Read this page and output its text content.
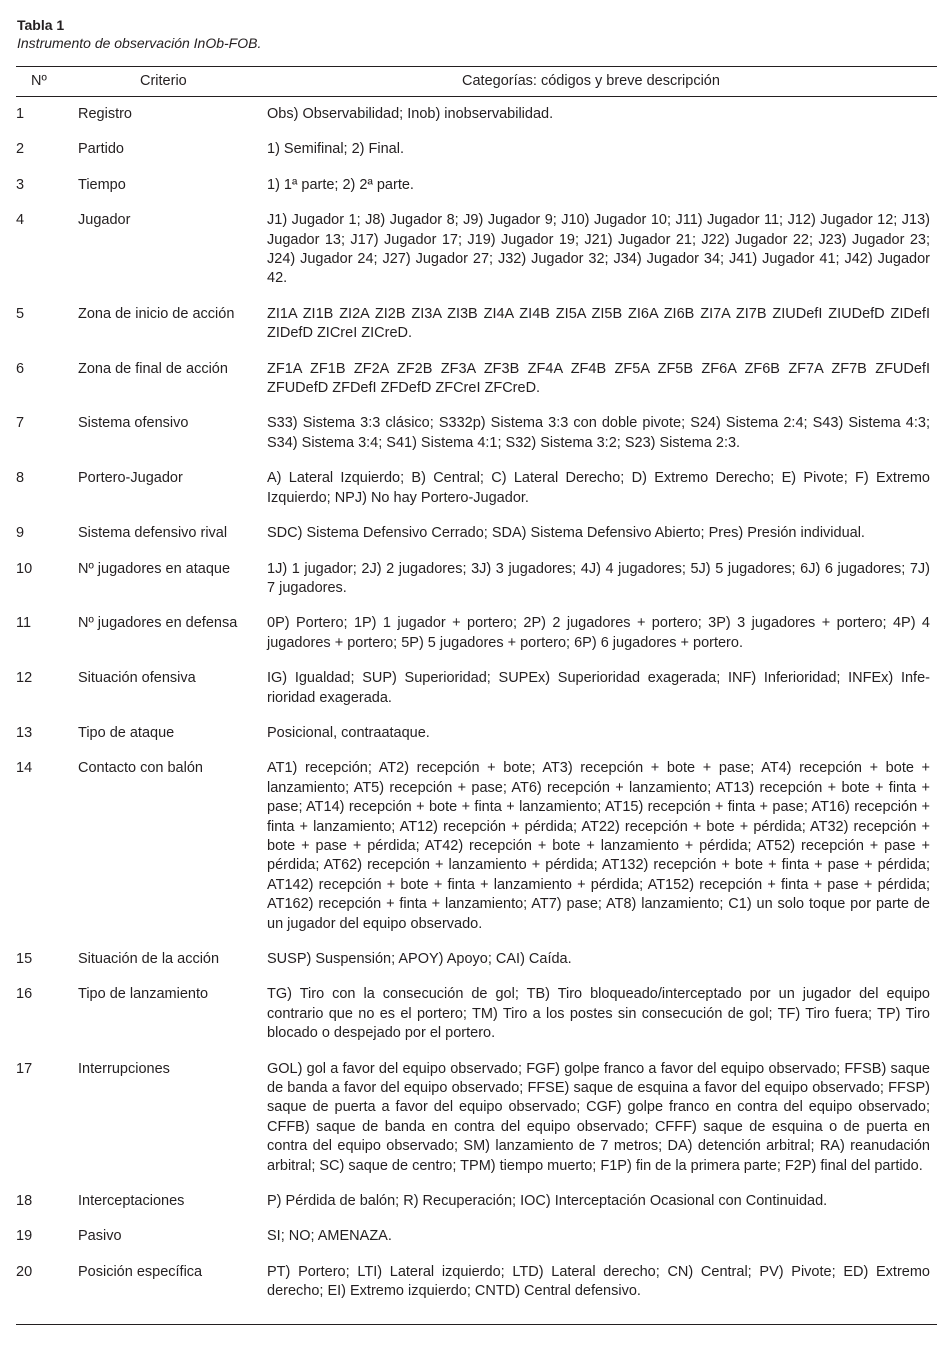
Tabla 1
Instrumento de observación InOb-FOB.
Nº	Criterio	Categorías: códigos y breve descripción
1	Registro	Obs) Observabilidad; Inob) inobservabilidad.
2	Partido	1) Semifinal; 2) Final.
3	Tiempo	1) 1ª parte; 2) 2ª parte.
4	Jugador	J1) Jugador 1; J8) Jugador 8; J9) Jugador 9; J10) Jugador 10; J11) Jugador 11; J12) Jugador 12; J13) Jugador 13; J17) Jugador 17; J19) Jugador 19; J21) Jugador 21; J22) Jugador 22; J23) Jugador 23; J24) Jugador 24; J27) Jugador 27; J32) Jugador 32; J34) Jugador 34; J41) Jugador 41; J42) Jugador 42.
5	Zona de inicio de acción	ZI1A ZI1B ZI2A ZI2B ZI3A ZI3B ZI4A ZI4B ZI5A ZI5B ZI6A ZI6B ZI7A ZI7B ZIUDefI ZIUDefD ZIDefI ZIDefD ZICreI ZICreD.
6	Zona de final de acción	ZF1A ZF1B ZF2A ZF2B ZF3A ZF3B ZF4A ZF4B ZF5A ZF5B ZF6A ZF6B ZF7A ZF7B ZFUDefI ZFUDefD ZFDefI ZFDefD ZFCreI ZFCreD.
7	Sistema ofensivo	S33) Sistema 3:3 clásico; S332p) Sistema 3:3 con doble pivote; S24) Sistema 2:4; S43) Sistema 4:3; S34) Sistema 3:4; S41) Sistema 4:1; S32) Sistema 3:2; S23) Sistema 2:3.
8	Portero-Jugador	A) Lateral Izquierdo; B) Central; C) Lateral Derecho; D) Extremo Derecho; E) Pivote; F) Extremo Izquierdo; NPJ) No hay Portero-Jugador.
9	Sistema defensivo rival	SDC) Sistema Defensivo Cerrado; SDA) Sistema Defensivo Abierto; Pres) Presión individual.
10	Nº jugadores en ataque	1J) 1 jugador; 2J) 2 jugadores; 3J) 3 jugadores; 4J) 4 jugadores; 5J) 5 jugadores; 6J) 6 jugadores; 7J) 7 jugadores.
11	Nº jugadores en defensa	0P) Portero; 1P) 1 jugador + portero; 2P) 2 jugadores + portero; 3P) 3 jugadores + portero; 4P) 4 jugadores + portero; 5P) 5 jugadores + portero; 6P) 6 jugadores + portero.
12	Situación ofensiva	IG) Igualdad; SUP) Superioridad; SUPEx) Superioridad exagerada; INF) Inferioridad; INFEx) Inferioridad exagerada.
13	Tipo de ataque	Posicional, contraataque.
14	Contacto con balón	AT1) recepción; AT2) recepción + bote; AT3) recepción + bote + pase; AT4) recepción + bote + lanzamiento; AT5) recepción + pase; AT6) recepción + lanzamiento; AT13) recepción + bote + finta + pase; AT14) recepción + bote + finta + lanzamiento; AT15) recepción + finta + pase; AT16) recepción + finta + lanzamiento; AT12) recepción + pérdida; AT22) recepción + bote + pérdida; AT32) recepción + bote + pase + pérdida; AT42) recepción + bote + lanzamiento + pérdida; AT52) recepción + pase + pérdida; AT62) recepción + lanzamiento + pérdida; AT132) recepción + bote + finta + pase + pérdida; AT142) recepción + bote + finta + lanzamiento + pérdida; AT152) recepción + finta + pase + pérdida; AT162) recepción + finta + lanzamiento; AT7) pase; AT8) lanzamiento; C1) un solo toque por parte de un jugador del equipo observado.
15	Situación de la acción	SUSP) Suspensión; APOY) Apoyo; CAI) Caída.
16	Tipo de lanzamiento	TG) Tiro con la consecución de gol; TB) Tiro bloqueado/interceptado por un jugador del equipo contrario que no es el portero; TM) Tiro a los postes sin consecución de gol; TF) Tiro fuera; TP) Tiro blocado o despejado por el portero.
17	Interrupciones	GOL) gol a favor del equipo observado; FGF) golpe franco a favor del equipo observado; FFSB) saque de banda a favor del equipo observado; FFSE) saque de esquina a favor del equipo observado; FFSP) saque de puerta a favor del equipo observado; CGF) golpe franco en contra del equipo observado; CFFB) saque de banda en contra del equipo observado; CFFF) saque de esquina o de puerta en contra del equipo observado; SM) lanzamiento de 7 metros; DA) detención arbitral; RA) reanudación arbitral; SC) saque de centro; TPM) tiempo muerto; F1P) fin de la primera parte; F2P) final del partido.
18	Interceptaciones	P) Pérdida de balón; R) Recuperación; IOC) Interceptación Ocasional con Continuidad.
19	Pasivo	SI; NO; AMENAZA.
20	Posición específica	PT) Portero; LTI) Lateral izquierdo; LTD) Lateral derecho; CN) Central; PV) Pivote; ED) Extremo derecho; EI) Extremo izquierdo; CNTD) Central defensivo.
